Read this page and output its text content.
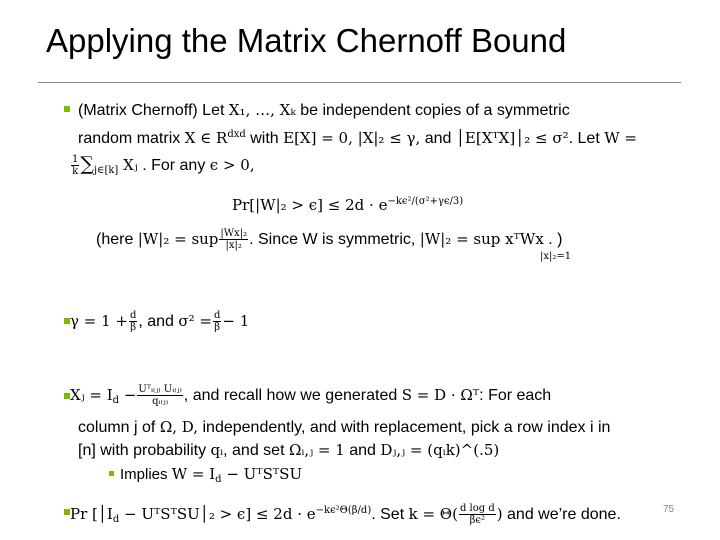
Applying the Matrix Chernoff Bound
(Matrix Chernoff) Let X₁, …, Xₖ be independent copies of a symmetric
random matrix X ∈ $R^{dxd}$ with E[X] = 0, |X|₂ ≤ γ, and │E[XᵀX]│₂ ≤ σ². Let W =
$\frac{1}{k} \sum_{j\in[k]}$ Xⱼ . For any ϵ > 0,
$Pr[|W|_2 > \epsilon] \le 2d \cdot e^{-k\epsilon^2/(\sigma^2+\gamma\epsilon/3)}$
(here |W|₂ = sup $\frac{\text{|Wx|₂}}{\text{|x|₂}}$ . Since W is symmetric, |W|₂ = sup xᵀWx . )
|x|₂=1
$\gamma = 1 + \frac{d}{\beta}$ , and $\sigma^2 = \frac{d}{\beta} - 1$
Xⱼ = $I_d - \frac{\text{Uᵀᵢ₍ⱼ₎ Uᵢ₍ⱼ₎}}{\text{qᵢ₍ⱼ₎}}$ , and recall how we generated S = D · Ωᵀ: For each
column j of Ω, D, independently, and with replacement, pick a row index i in
[n] with probability qᵢ, and set Ωᵢ,ⱼ = 1 and Dⱼ,ⱼ = (qᵢk)^(.5)
Implies $W = I_d$ − UᵀSᵀSU
Pr [$│I_d$ − UᵀSᵀSU│₂ > $\epsilon] \le 2d \cdot e^{-k\epsilon^2\Theta(\beta/d)}$. Set $k = \Theta( \frac{\text{d log d}}{\text{βϵ²}}$ ) and we’re done.	75
